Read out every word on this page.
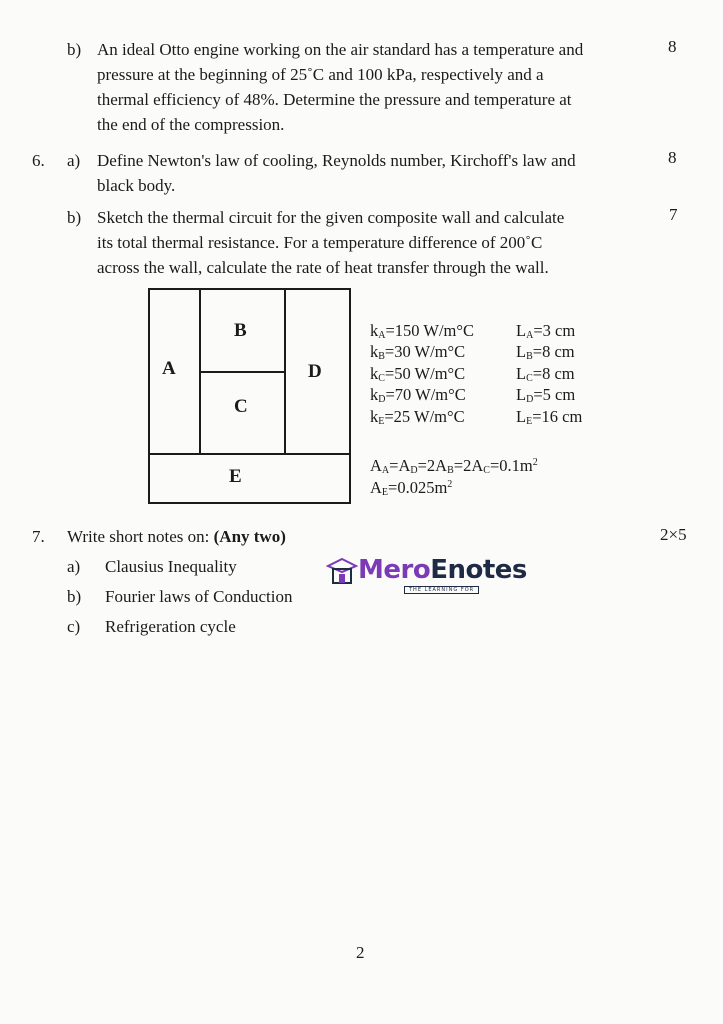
b) An ideal Otto engine working on the air standard has a temperature and
pressure at the beginning of 25˚C and 100 kPa, respectively and a
thermal efficiency of 48%. Determine the pressure and temperature at
the end of the compression.
8
6. a) Define Newton's law of cooling, Reynolds number, Kirchoff's law and
black body.
8
b) Sketch the thermal circuit for the given composite wall and calculate
its total thermal resistance. For a temperature difference of 200˚C
across the wall, calculate the rate of heat transfer through the wall.
7
A
B
C
D
E
$k_A=150$ W/m°C
$k_B=30$ W/m°C
$k_C=50$ W/m°C
$k_D=70$ W/m°C
$k_E=25$ W/m°C
$L_A=3$ cm
$L_B=8$ cm
$L_C=8$ cm
$L_D=5$ cm
$L_E=16$ cm
$A_A=A_D=2A_B=2A_C=0.1m^2$
$A_E=0.025m^2$
7. Write short notes on: (Any two)	2×5
a) Clausius Inequality
b) Fourier laws of Conduction
c) Refrigeration cycle
MeroEnotes
THE LEARNING FOR
2
